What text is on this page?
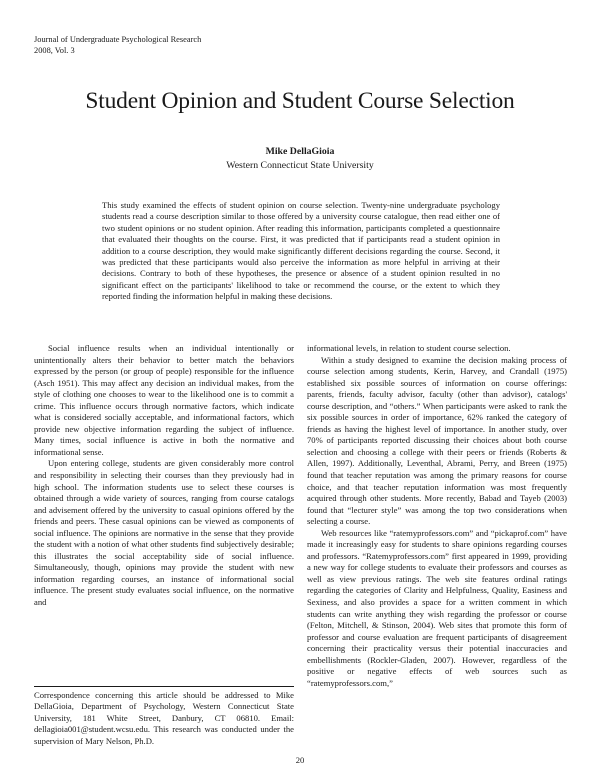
Journal of Undergraduate Psychological Research
2008, Vol. 3
Student Opinion and Student Course Selection
Mike DellaGioia
Western Connecticut State University
This study examined the effects of student opinion on course selection. Twenty-nine undergraduate psychology students read a course description similar to those offered by a university course catalogue, then read either one of two student opinions or no student opinion. After reading this information, participants completed a questionnaire that evaluated their thoughts on the course. First, it was predicted that if participants read a student opinion in addition to a course description, they would make significantly different decisions regarding the course. Second, it was predicted that these participants would also perceive the information as more helpful in arriving at their decisions. Contrary to both of these hypotheses, the presence or absence of a student opinion resulted in no significant effect on the participants' likelihood to take or recommend the course, or the extent to which they reported finding the information helpful in making these decisions.

Social influence results when an individual intentionally or unintentionally alters their behavior to better match the behaviors expressed by the person (or group of people) responsible for the influence (Asch 1951). This may affect any decision an individual makes, from the style of clothing one chooses to wear to the likelihood one is to commit a crime. This influence occurs through normative factors, which indicate what is considered socially acceptable, and informational factors, which provide new objective information regarding the subject of influence. Many times, social influence is active in both the normative and informational sense.

Upon entering college, students are given considerably more control and responsibility in selecting their courses than they previously had in high school. The information students use to select these courses is obtained through a wide variety of sources, ranging from course catalogs and advisement offered by the university to casual opinions offered by the friends and peers. These casual opinions can be viewed as components of social influence. The opinions are normative in the sense that they provide the student with a notion of what other students find subjectively desirable; this illustrates the social acceptability side of social influence. Simultaneously, though, opinions may provide the student with new information regarding courses, an instance of informational social influence. The present study evaluates social influence, on the normative and

informational levels, in relation to student course selection.

Within a study designed to examine the decision making process of course selection among students, Kerin, Harvey, and Crandall (1975) established six possible sources of information on course offerings: parents, friends, faculty advisor, faculty (other than advisor), catalogs' course description, and “others.” When participants were asked to rank the six possible sources in order of importance, 62% ranked the category of friends as having the highest level of importance. In another study, over 70% of participants reported discussing their choices about both course selection and choosing a college with their peers or friends (Roberts & Allen, 1997). Additionally, Leventhal, Abrami, Perry, and Breen (1975) found that teacher reputation was among the primary reasons for course choice, and that teacher reputation information was most frequently acquired through other students. More recently, Babad and Tayeb (2003) found that “lecturer style” was among the top two considerations when selecting a course.

Web resources like “ratemyprofessors.com” and “pickaprof.com” have made it increasingly easy for students to share opinions regarding courses and professors. “Ratemyprofessors.com” first appeared in 1999, providing a new way for college students to evaluate their professors and courses as well as view previous ratings. The web site features ordinal ratings regarding the categories of Clarity and Helpfulness, Quality, Easiness and Sexiness, and also provides a space for a written comment in which students can write anything they wish regarding the professor or course (Felton, Mitchell, & Stinson, 2004). Web sites that promote this form of professor and course evaluation are frequent participants of disagreement concerning their practicality versus their potential inaccuracies and embellishments (Rockler-Gladen, 2007). However, regardless of the positive or negative effects of web sources such as “ratemyprofessors.com,”

Correspondence concerning this article should be addressed to Mike DellaGioia, Department of Psychology, Western Connecticut State University, 181 White Street, Danbury, CT 06810. Email: dellagioia001@student.wcsu.edu. This research was conducted under the supervision of Mary Nelson, Ph.D.
20
